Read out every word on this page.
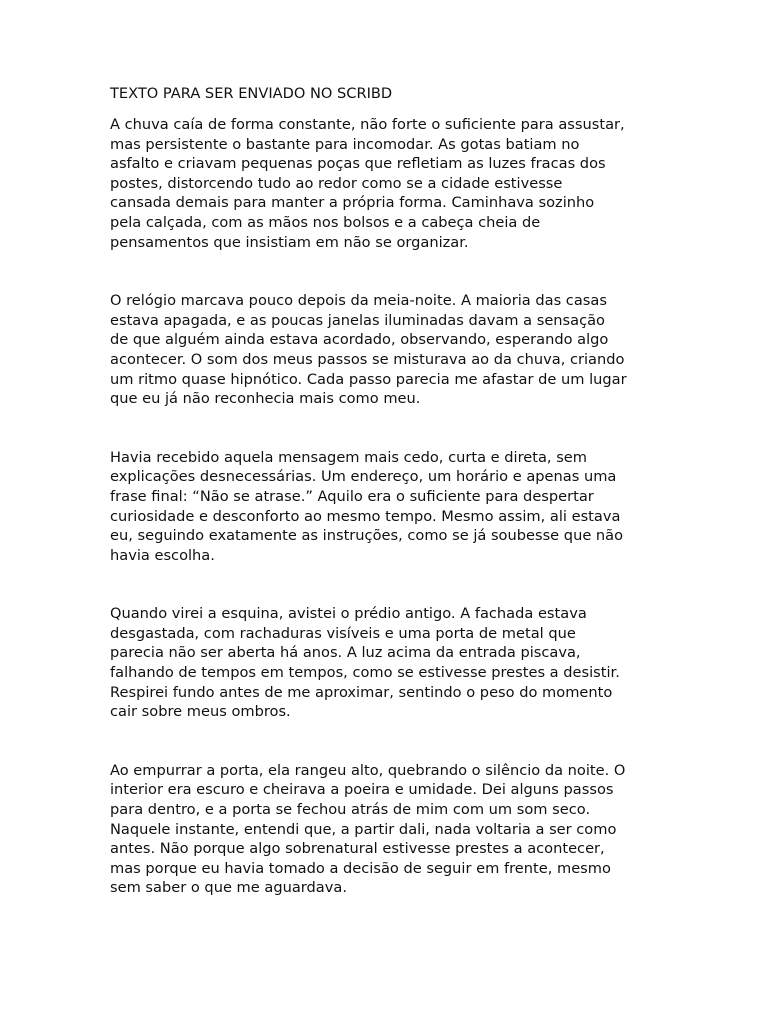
TEXTO PARA SER ENVIADO NO SCRIBD

A chuva caía de forma constante, não forte o suficiente para assustar,
mas persistente o bastante para incomodar. As gotas batiam no
asfalto e criavam pequenas poças que refletiam as luzes fracas dos
postes, distorcendo tudo ao redor como se a cidade estivesse
cansada demais para manter a própria forma. Caminhava sozinho
pela calçada, com as mãos nos bolsos e a cabeça cheia de
pensamentos que insistiam em não se organizar.

O relógio marcava pouco depois da meia-noite. A maioria das casas
estava apagada, e as poucas janelas iluminadas davam a sensação
de que alguém ainda estava acordado, observando, esperando algo
acontecer. O som dos meus passos se misturava ao da chuva, criando
um ritmo quase hipnótico. Cada passo parecia me afastar de um lugar
que eu já não reconhecia mais como meu.

Havia recebido aquela mensagem mais cedo, curta e direta, sem
explicações desnecessárias. Um endereço, um horário e apenas uma
frase final: “Não se atrase.” Aquilo era o suficiente para despertar
curiosidade e desconforto ao mesmo tempo. Mesmo assim, ali estava
eu, seguindo exatamente as instruções, como se já soubesse que não
havia escolha.

Quando virei a esquina, avistei o prédio antigo. A fachada estava
desgastada, com rachaduras visíveis e uma porta de metal que
parecia não ser aberta há anos. A luz acima da entrada piscava,
falhando de tempos em tempos, como se estivesse prestes a desistir.
Respirei fundo antes de me aproximar, sentindo o peso do momento
cair sobre meus ombros.

Ao empurrar a porta, ela rangeu alto, quebrando o silêncio da noite. O
interior era escuro e cheirava a poeira e umidade. Dei alguns passos
para dentro, e a porta se fechou atrás de mim com um som seco.
Naquele instante, entendi que, a partir dali, nada voltaria a ser como
antes. Não porque algo sobrenatural estivesse prestes a acontecer,
mas porque eu havia tomado a decisão de seguir em frente, mesmo
sem saber o que me aguardava.
